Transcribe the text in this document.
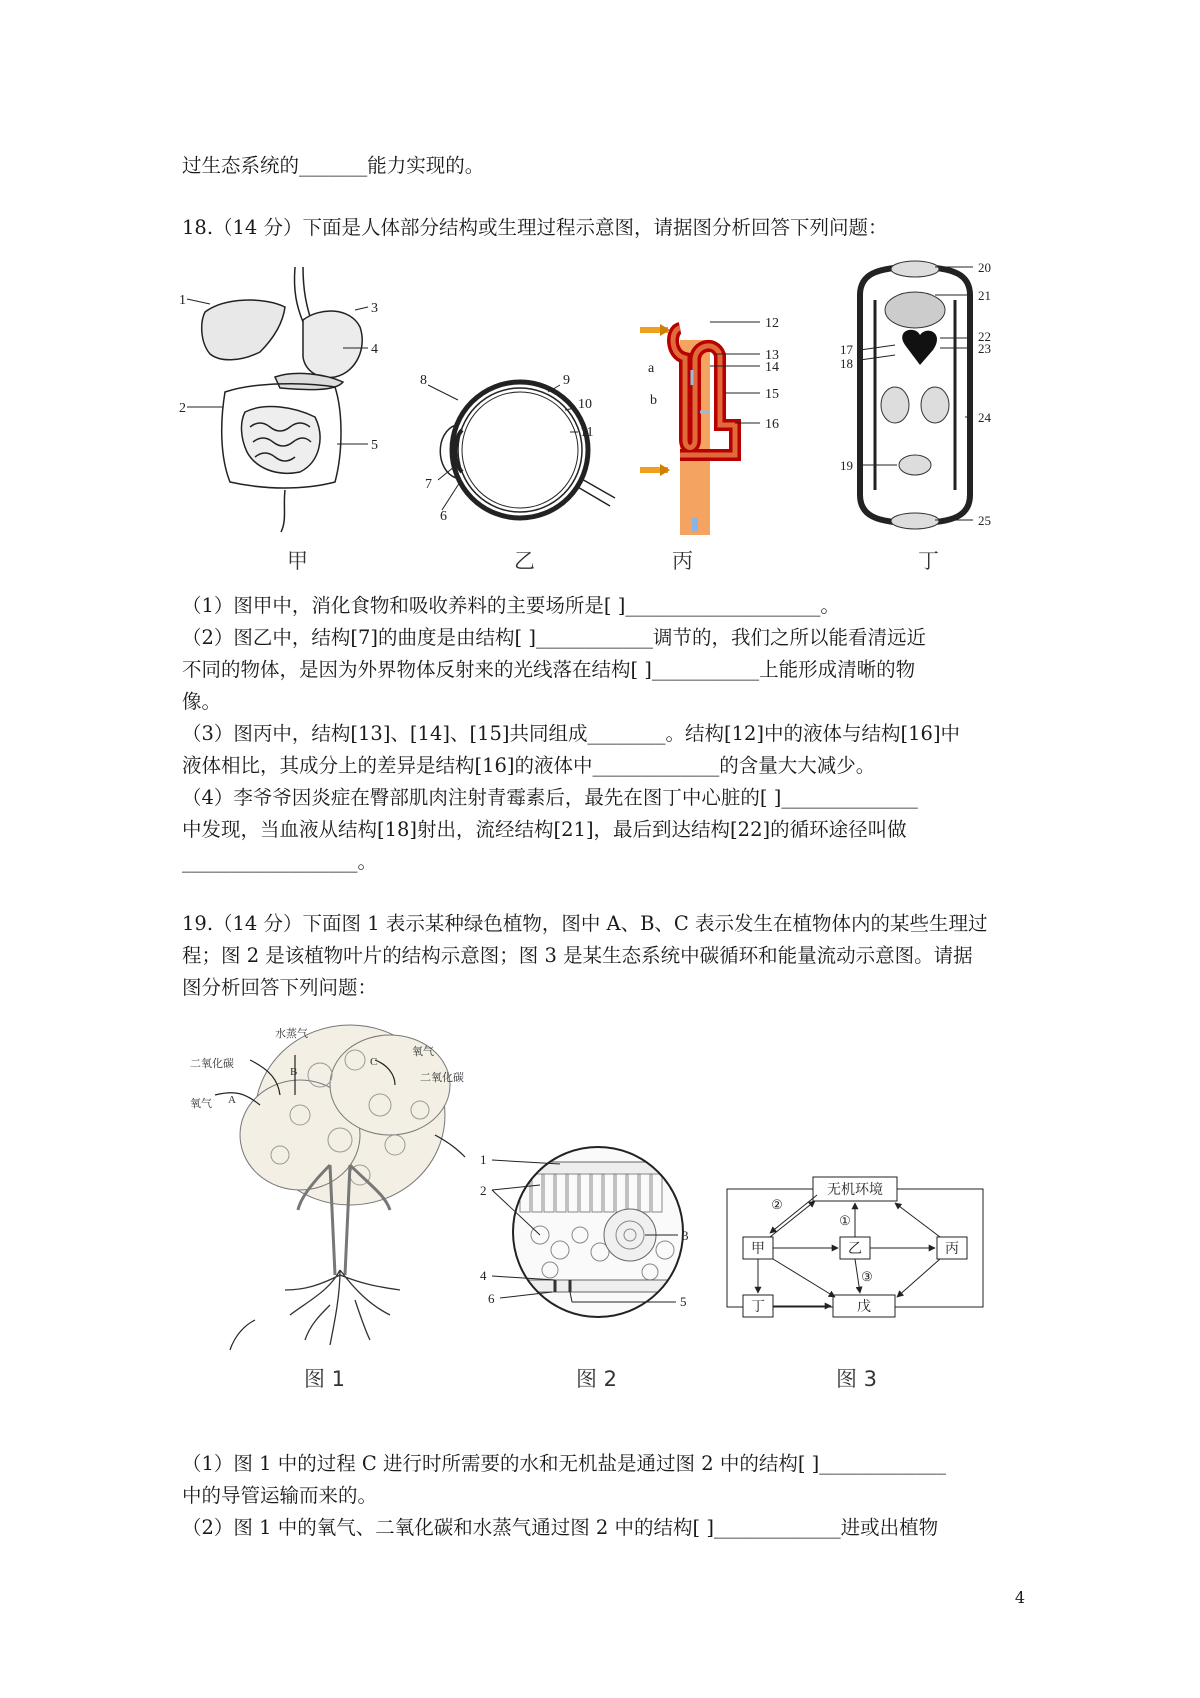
过生态系统的_______能力实现的。
18.（14 分）下面是人体部分结构或生理过程示意图，请据图分析回答下列问题：
1
2
3
4
5
8	9
10
11
7
6
12
13
14
15
16
a
b
20
21
22
23
24
25
17
18
19
甲	乙	丙	丁
（1）图甲中，消化食物和吸收养料的主要场所是[ ]____________________。
（2）图乙中，结构[7]的曲度是由结构[ ]____________调节的，我们之所以能看清远近
不同的物体，是因为外界物体反射来的光线落在结构[ ]___________上能形成清晰的物
像。
（3）图丙中，结构[13]、[14]、[15]共同组成________。结构[12]中的液体与结构[16]中
液体相比，其成分上的差异是结构[16]的液体中_____________的含量大大减少。
（4）李爷爷因炎症在臀部肌肉注射青霉素后，最先在图丁中心脏的[ ]______________
中发现，当血液从结构[18]射出，流经结构[21]，最后到达结构[22]的循环途径叫做
__________________。
19.（14 分）下面图 1 表示某种绿色植物，图中 A、B、C 表示发生在植物体内的某些生理过
程；图 2 是该植物叶片的结构示意图；图 3 是某生态系统中碳循环和能量流动示意图。请据
图分析回答下列问题：
水蒸气
二氧化碳
氧气 A
B
C
氧气
二氧化碳
1
2
3
4
5
6
无机环境
甲	乙	丙
丁	戊
①
②
③
图 1	图 2	图 3
（1）图 1 中的过程 C 进行时所需要的水和无机盐是通过图 2 中的结构[ ]_____________
中的导管运输而来的。
（2）图 1 中的氧气、二氧化碳和水蒸气通过图 2 中的结构[ ]_____________进或出植物
4
